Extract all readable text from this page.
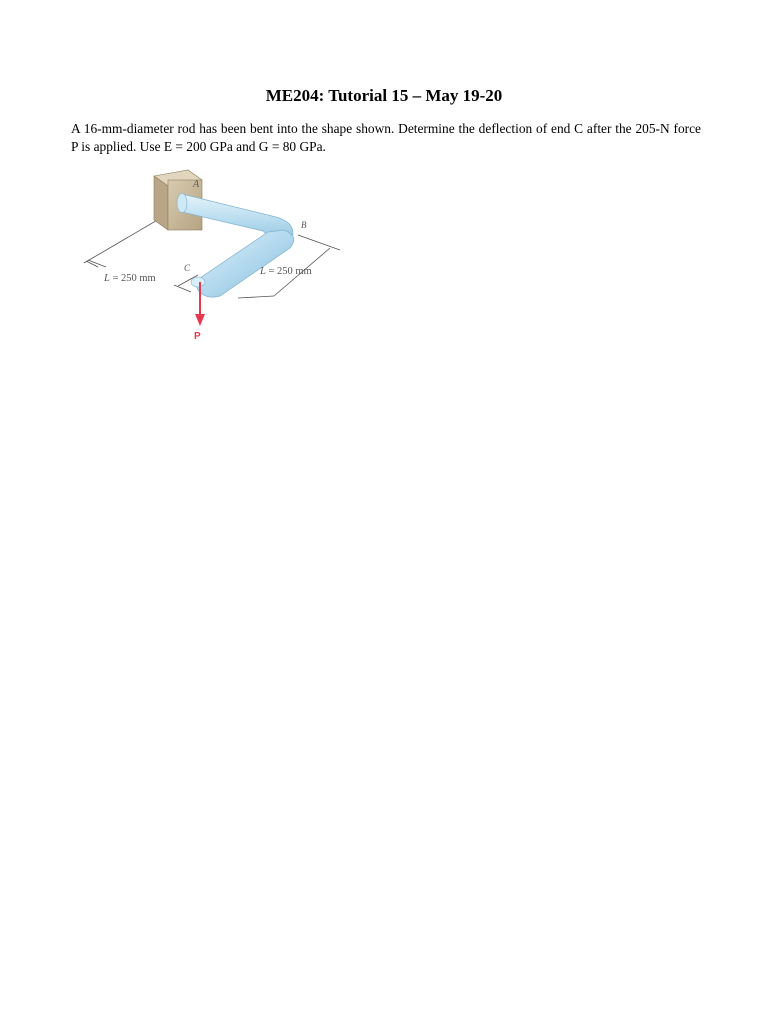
ME204: Tutorial 15 – May 19-20

A 16-mm-diameter rod has been bent into the shape shown. Determine the deflection of end C after the 205-N force P is applied. Use E = 200 GPa and G = 80 GPa.

A
B
C
P
L = 250 mm
L = 250 mm
